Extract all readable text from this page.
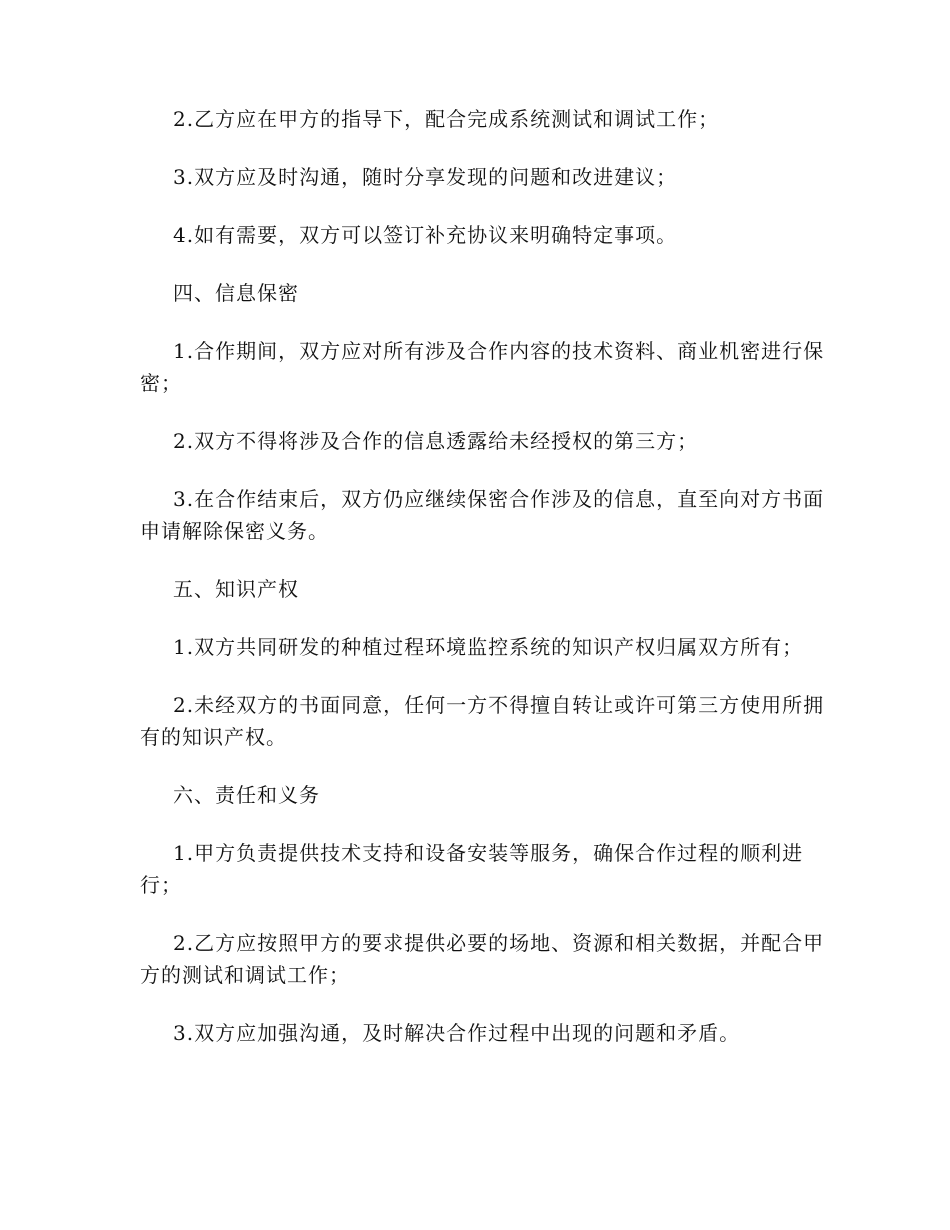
2.乙方应在甲方的指导下，配合完成系统测试和调试工作；

3.双方应及时沟通，随时分享发现的问题和改进建议；

4.如有需要，双方可以签订补充协议来明确特定事项。

四、信息保密

1.合作期间，双方应对所有涉及合作内容的技术资料、商业机密进行保密；

2.双方不得将涉及合作的信息透露给未经授权的第三方；

3.在合作结束后，双方仍应继续保密合作涉及的信息，直至向对方书面申请解除保密义务。

五、知识产权

1.双方共同研发的种植过程环境监控系统的知识产权归属双方所有；

2.未经双方的书面同意，任何一方不得擅自转让或许可第三方使用所拥有的知识产权。

六、责任和义务

1.甲方负责提供技术支持和设备安装等服务，确保合作过程的顺利进行；

2.乙方应按照甲方的要求提供必要的场地、资源和相关数据，并配合甲方的测试和调试工作；

3.双方应加强沟通，及时解决合作过程中出现的问题和矛盾。
